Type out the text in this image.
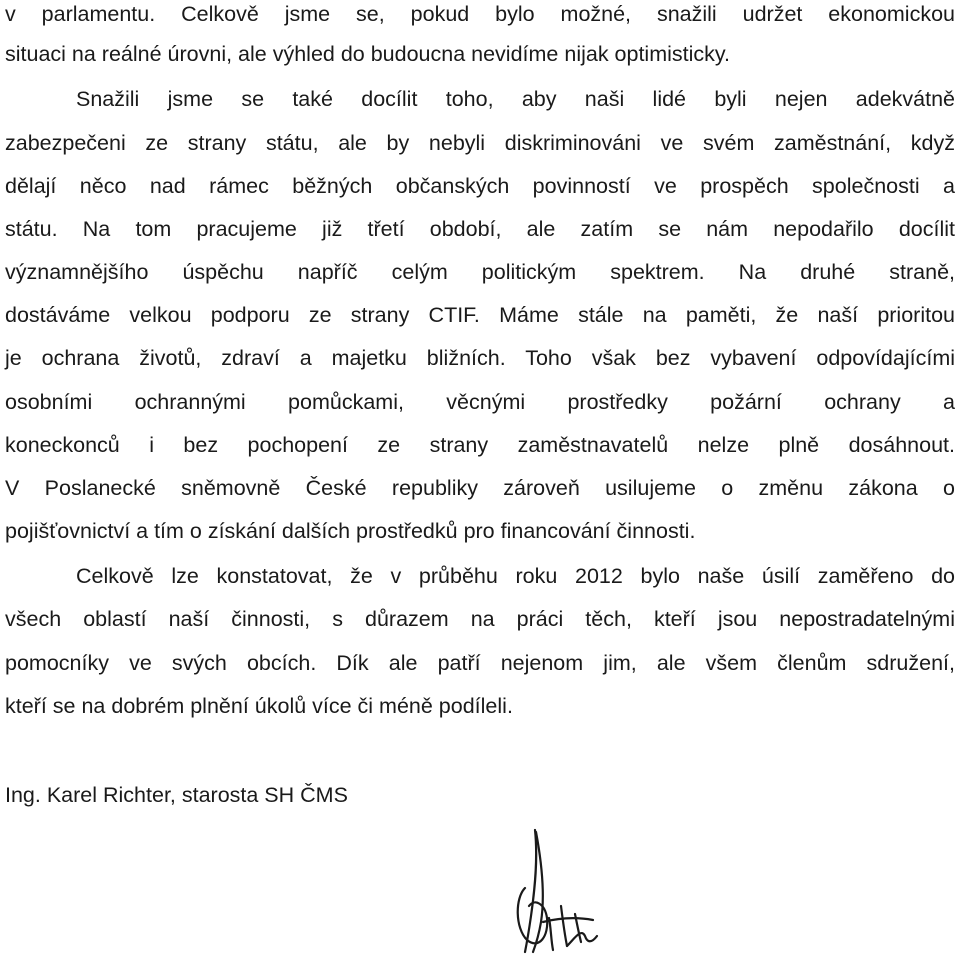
v parlamentu. Celkově jsme se, pokud bylo možné, snažili udržet ekonomickou
situaci na reálné úrovni, ale výhled do budoucna nevidíme nijak optimisticky.
Snažili jsme se také docílit toho, aby naši lidé byli nejen adekvátně
zabezpečeni ze strany státu, ale by nebyli diskriminováni ve svém zaměstnání, když
dělají něco nad rámec běžných občanských povinností ve prospěch společnosti a
státu. Na tom pracujeme již třetí období, ale zatím se nám nepodařilo docílit
významnějšího úspěchu napříč celým politickým spektrem. Na druhé straně,
dostáváme velkou podporu ze strany CTIF. Máme stále na paměti, že naší prioritou
je ochrana životů, zdraví a majetku bližních. Toho však bez vybavení odpovídajícími
osobními ochrannými pomůckami, věcnými prostředky požární ochrany a
koneckonců i bez pochopení ze strany zaměstnavatelů nelze plně dosáhnout.
V Poslanecké sněmovně České republiky zároveň usilujeme o změnu zákona o
pojišťovnictví a tím o získání dalších prostředků pro financování činnosti.
Celkově lze konstatovat, že v průběhu roku 2012 bylo naše úsilí zaměřeno do
všech oblastí naší činnosti, s důrazem na práci těch, kteří jsou nepostradatelnými
pomocníky ve svých obcích. Dík ale patří nejenom jim, ale všem členům sdružení,
kteří se na dobrém plnění úkolů více či méně podíleli.
Ing. Karel Richter, starosta SH ČMS
